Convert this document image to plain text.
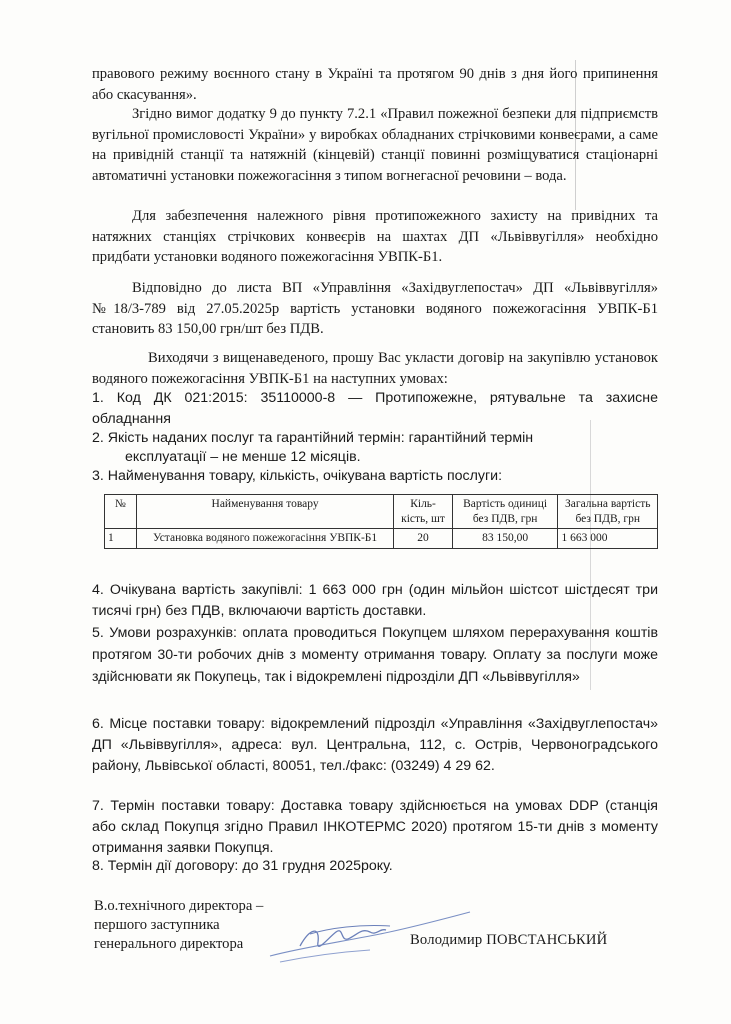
правового режиму воєнного стану в Україні та протягом 90 днів з дня його припинення або скасування».

Згідно вимог додатку 9 до пункту 7.2.1 «Правил пожежної безпеки для підприємств вугільної промисловості України» у виробках обладнаних стрічковими конвеєрами, а саме на привідній станції та натяжній (кінцевій) станції повинні розміщуватися стаціонарні автоматичні установки пожежогасіння з типом вогнегасної речовини – вода.

Для забезпечення належного рівня протипожежного захисту на привідних та натяжних станціях стрічкових конвеєрів на шахтах ДП «Львіввугілля» необхідно придбати установки водяного пожежогасіння УВПК-Б1.

Відповідно до листа ВП «Управління «Західвуглепостач» ДП «Львіввугілля» №18/3-789 від 27.05.2025р вартість установки водяного пожежогасіння УВПК-Б1 становить 83 150,00 грн/шт без ПДВ.

Виходячи з вищенаведеного, прошу Вас укласти договір на закупівлю установок водяного пожежогасіння УВПК-Б1 на наступних умовах:

1. Код ДК 021:2015: 35110000-8 — Протипожежне, рятувальне та захисне обладнання

2. Якість наданих послуг та гарантійний термін: гарантійний термін

експлуатації – не менше 12 місяців.

3. Найменування товару, кількість, очікувана вартість послуги:

№	Найменування товару	Кіль-кість, шт	Вартість одиниці без ПДВ, грн	Загальна вартість без ПДВ, грн
1	Установка водяного пожежогасіння УВПК-Б1	20	83 150,00	1 663 000

4. Очікувана вартість закупівлі: 1 663 000 грн (один мільйон шістсот шістдесят три тисячі грн) без ПДВ, включаючи вартість доставки.

5. Умови розрахунків: оплата проводиться Покупцем шляхом перерахування коштів протягом 30-ти робочих днів з моменту отримання товару. Оплату за послуги може здійснювати як Покупець, так і відокремлені підрозділи ДП «Львіввугілля»

6. Місце поставки товару: відокремлений підрозділ «Управління «Західвуглепостач» ДП «Львіввугілля», адреса: вул. Центральна, 112, с. Острів, Червоноградського району, Львівської області, 80051, тел./факс: (03249) 4 29 62.

7. Термін поставки товару: Доставка товару здійснюється на умовах DDP (станція або склад Покупця згідно Правил ІНКОТЕРМС 2020) протягом 15-ти днів з моменту отримання заявки Покупця.

8. Термін дії договору: до 31 грудня 2025року.

В.о.технічного директора –
першого заступника
генерального директора	Володимир ПОВСТАНСЬКИЙ
